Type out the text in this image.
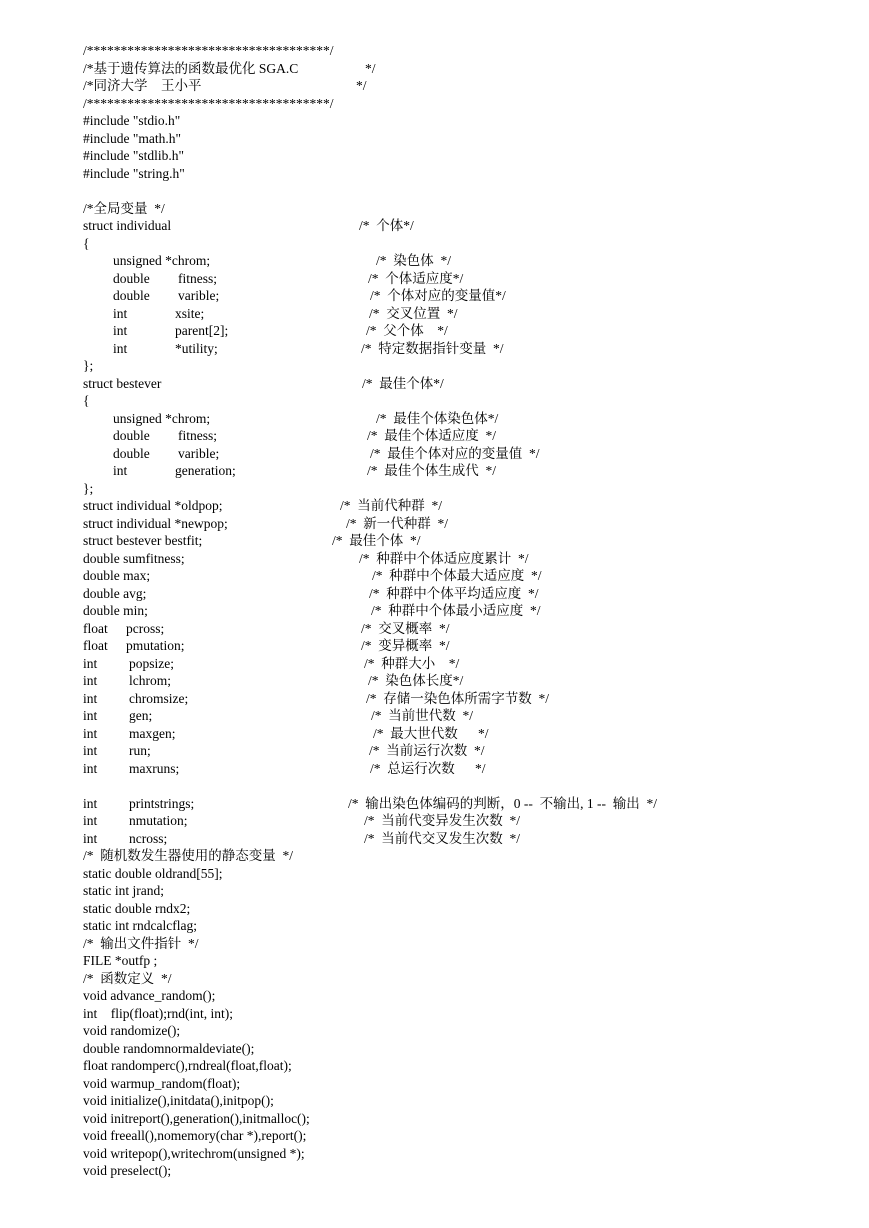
/************************************/
/*基于遗传算法的函数最优化 SGA.C	*/
/*同济大学　王小平	*/
/************************************/
#include "stdio.h"
#include "math.h"
#include "stdlib.h"
#include "string.h"
/*全局变量  */
struct individual	/*  个体*/
{
unsigned *chrom;	/*  染色体  */
double fitness;	/*  个体适应度*/
double varible;	/*  个体对应的变量值*/
int	xsite;	/*  交叉位置  */
int	parent[2];	/*  父个体    */
int	*utility;	/*  特定数据指针变量  */
};
struct bestever	/*  最佳个体*/
{
unsigned *chrom;	/*  最佳个体染色体*/
double fitness;	/*  最佳个体适应度  */
double varible;	/*  最佳个体对应的变量值  */
int	generation;	/*  最佳个体生成代  */
};
struct individual *oldpop;	/*  当前代种群  */
struct individual *newpop;	/*  新一代种群  */
struct bestever bestfit;	/*  最佳个体  */
double sumfitness;	/*  种群中个体适应度累计  */
double max;	/*  种群中个体最大适应度  */
double avg;	/*  种群中个体平均适应度  */
double min;	/*  种群中个体最小适应度  */
float pcross;	/*  交叉概率  */
float pmutation;	/*  变异概率  */
int popsize;	/*  种群大小    */
int lchrom;	/*  染色体长度*/
int chromsize;	/*  存储一染色体所需字节数  */
int gen;	/*  当前世代数  */
int maxgen;	/*  最大世代数      */
int run;	/*  当前运行次数  */
int maxruns;	/*  总运行次数      */
int printstrings;	/*  输出染色体编码的判断，0 --  不输出, 1 --  输出  */
int nmutation;	/*  当前代变异发生次数  */
int ncross;	/*  当前代交叉发生次数  */
/*  随机数发生器使用的静态变量  */
static double oldrand[55];
static int jrand;
static double rndx2;
static int rndcalcflag;
/*  输出文件指针  */
FILE *outfp ;
/*  函数定义  */
void advance_random();
int    flip(float);rnd(int, int);
void randomize();
double randomnormaldeviate();
float randomperc(),rndreal(float,float);
void warmup_random(float);
void initialize(),initdata(),initpop();
void initreport(),generation(),initmalloc();
void freeall(),nomemory(char *),report();
void writepop(),writechrom(unsigned *);
void preselect();
